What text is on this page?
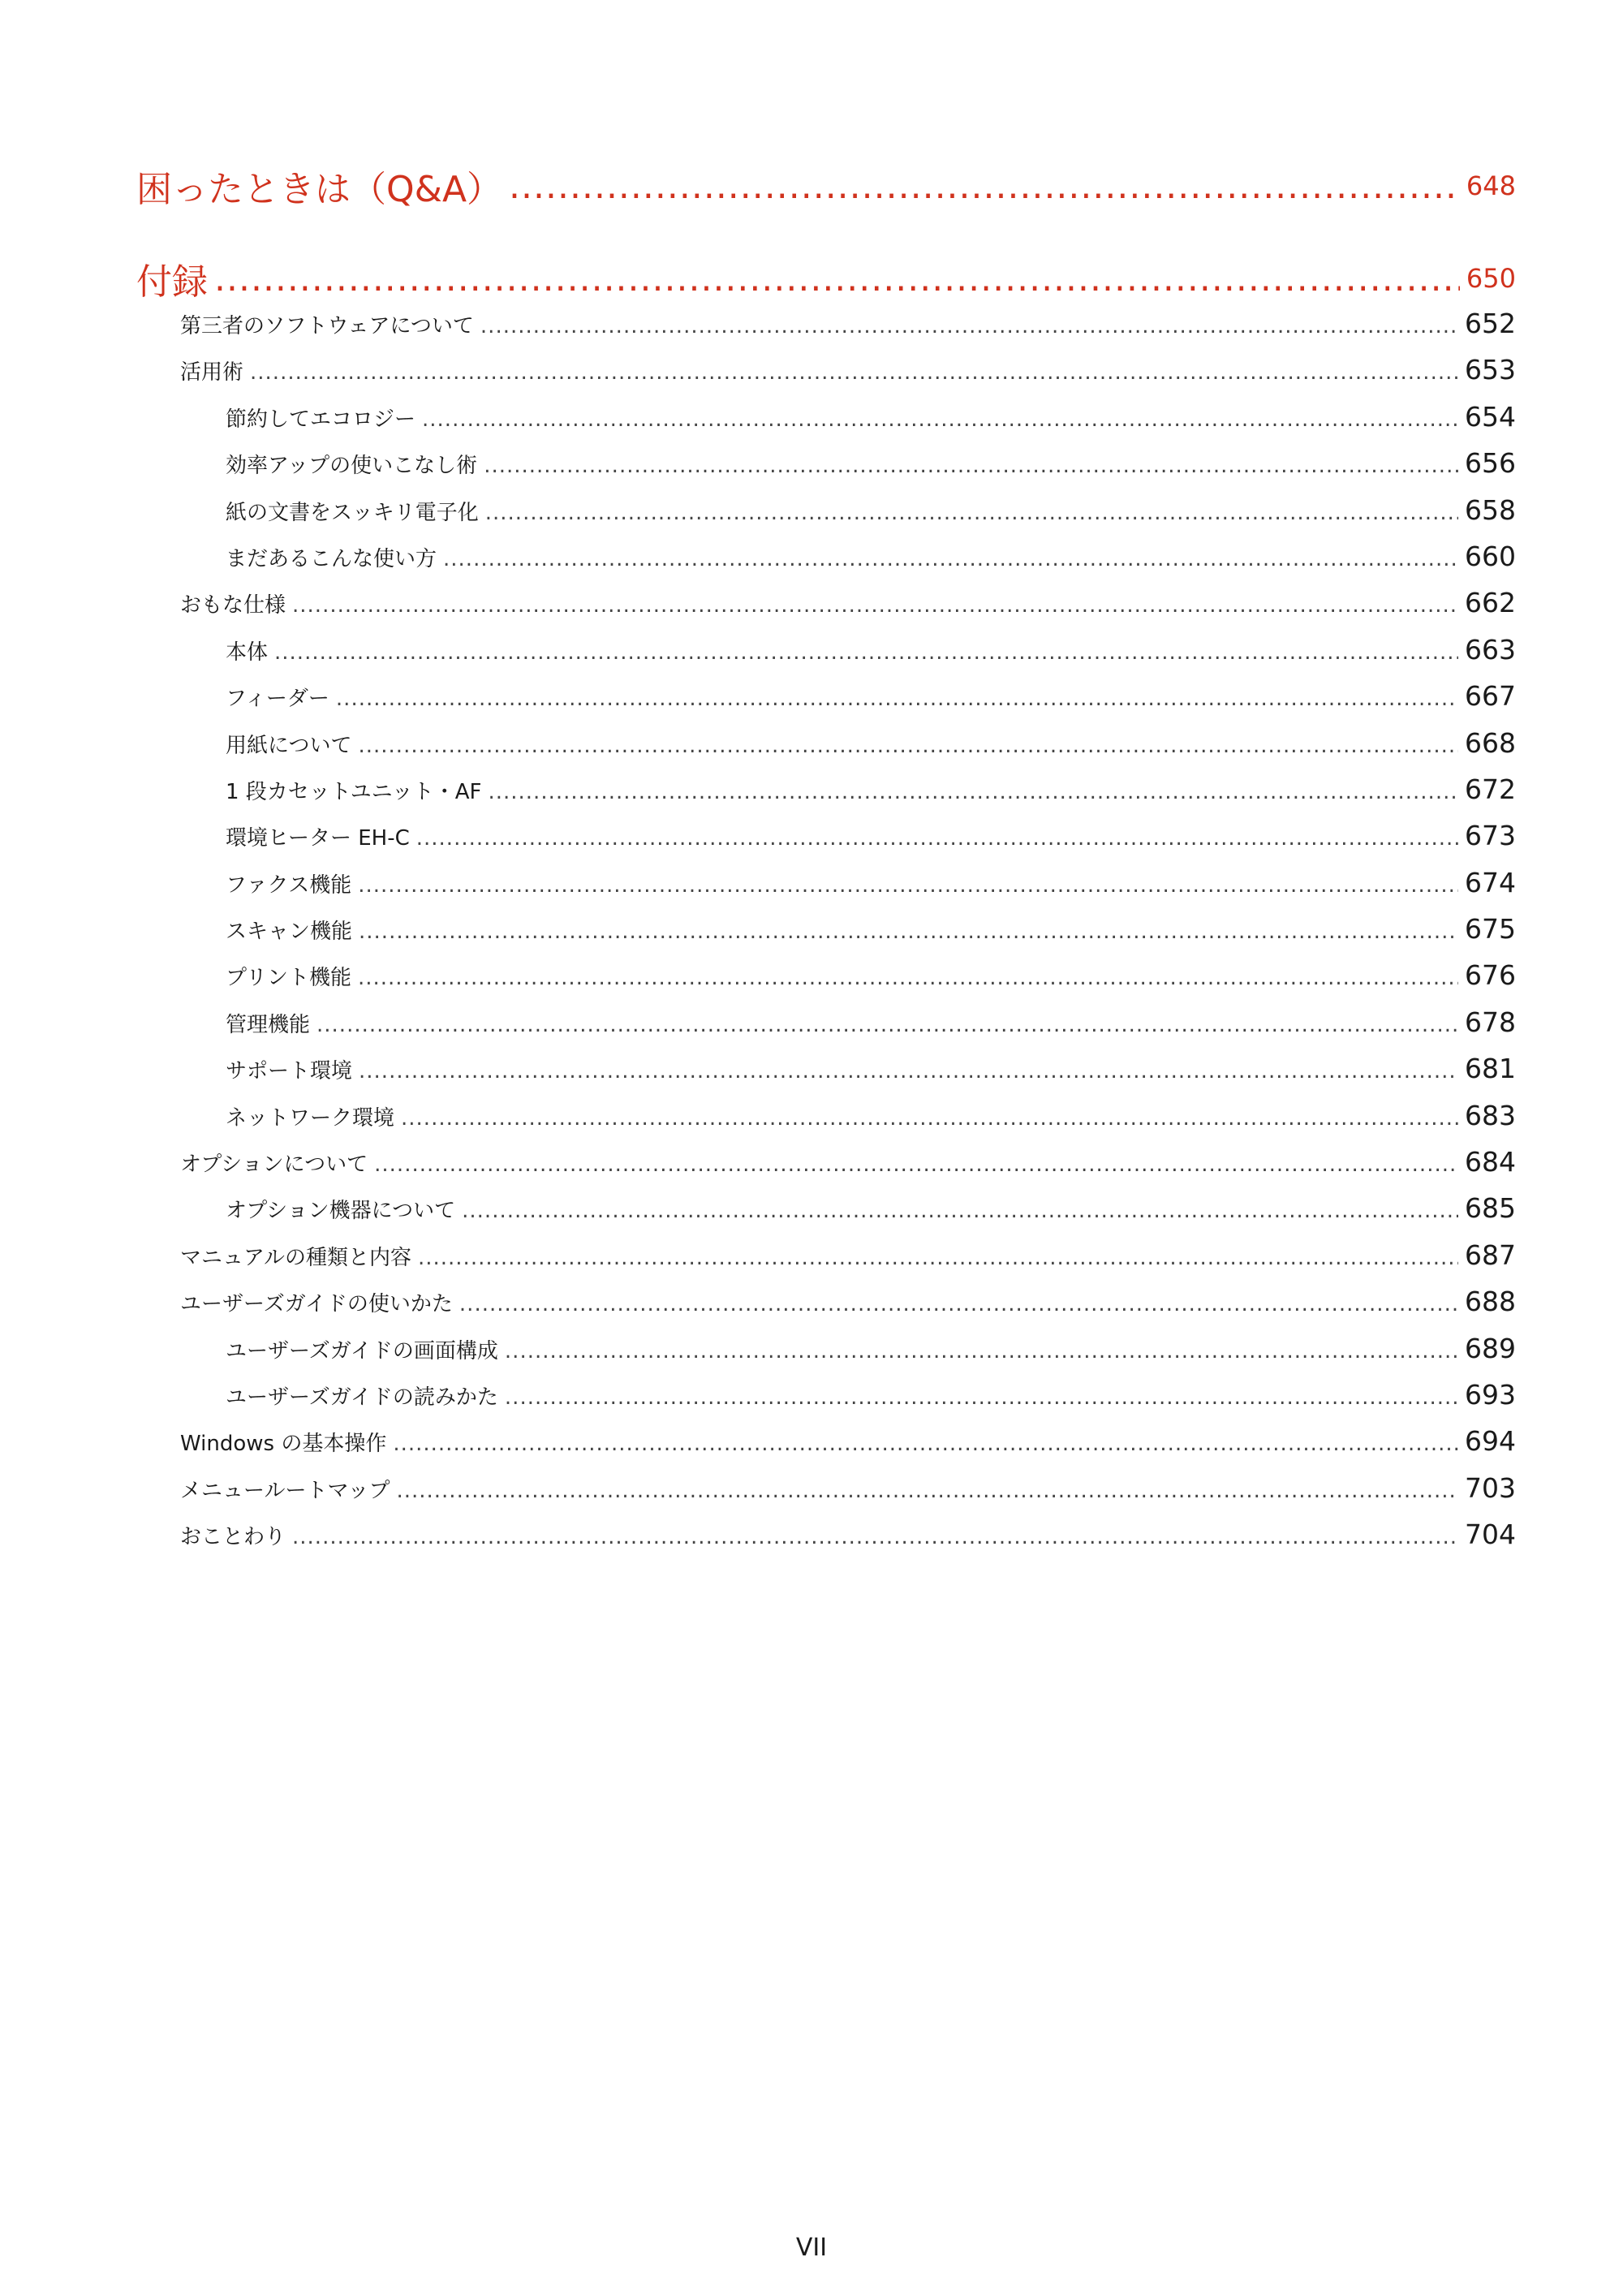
困ったときは（Q&A） .....	648
付録 .....	650
第三者のソフトウェアについて .....	652
活用術 .....	653
節約してエコロジー .....	654
効率アップの使いこなし術 .....	656
紙の文書をスッキリ電子化 .....	658
まだあるこんな使い方 .....	660
おもな仕様 .....	662
本体 .....	663
フィーダー .....	667
用紙について .....	668
1 段カセットユニット・AF .....	672
環境ヒーター EH-C .....	673
ファクス機能 .....	674
スキャン機能 .....	675
プリント機能 .....	676
管理機能 .....	678
サポート環境 .....	681
ネットワーク環境 .....	683
オプションについて .....	684
オプション機器について .....	685
マニュアルの種類と内容 .....	687
ユーザーズガイドの使いかた .....	688
ユーザーズガイドの画面構成 .....	689
ユーザーズガイドの読みかた .....	693
Windows の基本操作 .....	694
メニュールートマップ .....	703
おことわり .....	704
VII
